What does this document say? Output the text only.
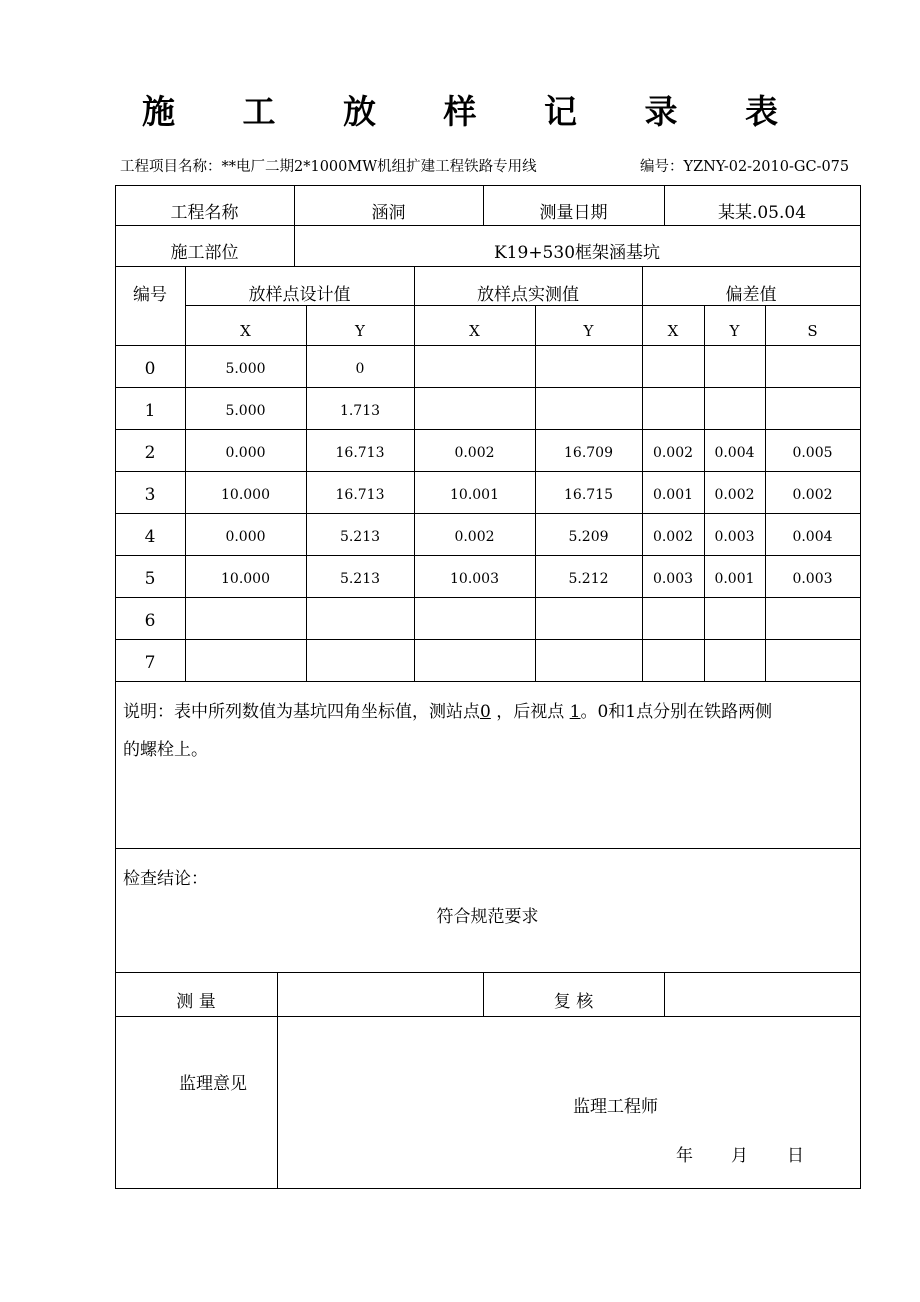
施 工 放 样 记 录 表
工程项目名称：**电厂二期2*1000MW机组扩建工程铁路专用线	编号：YZNY-02-2010-GC-075
工程名称	涵洞	测量日期	某某.05.04
施工部位	K19+530框架涵基坑
编号	放样点设计值	放样点实测值	偏差值
X	Y	X	Y	X	Y	S
0	5.000	0
1	5.000	1.713
2	0.000	16.713	0.002	16.709	0.002	0.004	0.005
3	10.000	16.713	10.001	16.715	0.001	0.002	0.002
4	0.000	5.213	0.002	5.209	0.002	0.003	0.004
5	10.000	5.213	10.003	5.212	0.003	0.001	0.003
6
7
说明：表中所列数值为基坑四角坐标值，测站点0 ，后视点 1。0和1点分别在铁路两侧
的螺栓上。
检查结论：
符合规范要求
测 量	复 核
监理意见
监理工程师
年 月 日
